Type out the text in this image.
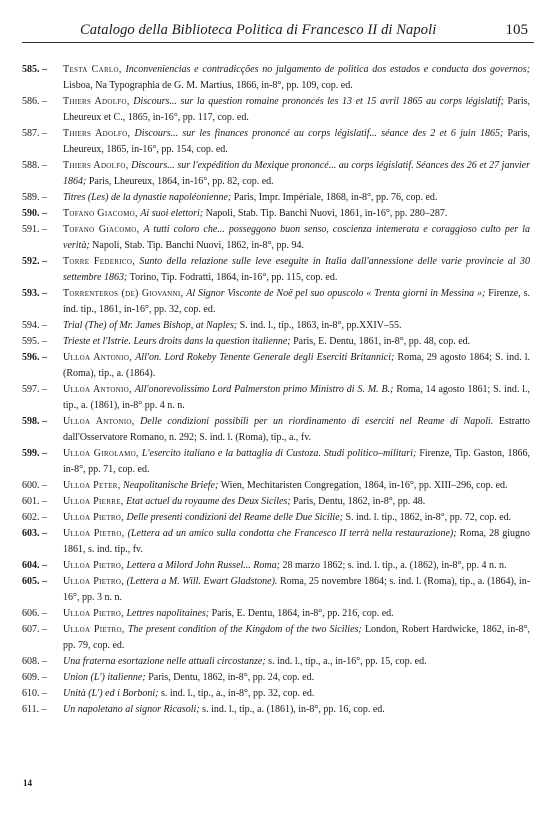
Catalogo della Biblioteca Politica di Francesco II di Napoli	105
585. –	Testa Carlo, Inconveniencias e contradicções no julgamento de politica dos estados e conducta dos governos; Lisboa, Na Typographia de G. M. Martius, 1866, in-8°, pp. 109, cop. ed.
586. –	Thiers Adolfo, Discours... sur la question romaine prononcés les 13 et 15 avril 1865 au corps législatif; Paris, Lheureux et C., 1865, in-16°, pp. 117, cop. ed.
587. –	Thiers Adolfo, Discours... sur les finances prononcé au corps législatif... séance des 2 et 6 juin 1865; Paris, Lheureux, 1865, in-16°, pp. 154, cop. ed.
588. –	Thiers Adolfo, Discours... sur l'expédition du Mexique prononcé... au corps législatif. Séances des 26 et 27 janvier 1864; Paris, Lheureux, 1864, in-16°, pp. 82, cop. ed.
589. –	Titres (Les) de la dynastie napoléonienne; Paris, Impr. Impériale, 1868, in-8°, pp. 76, cop. ed.
590. –	Tofano Giacomo, Ai suoi elettori; Napoli, Stab. Tip. Banchi Nuovi, 1861, in-16°, pp. 280–287.
591. –	Tofano Giacomo, A tutti coloro che... posseggono buon senso, coscienza intemerata e coraggioso culto per la verità; Napoli, Stab. Tip. Banchi Nuovi, 1862, in-8°, pp. 94.
592. –	Torre Federico, Sunto della relazione sulle leve eseguite in Italia dall'annessione delle varie provincie al 30 settembre 1863; Torino, Tip. Fodratti, 1864, in-16°, pp. 115, cop. ed.
593. –	Torrenteros (de) Giovanni, Al Signor Visconte de Noë pel suo opuscolo « Trenta giorni in Messina »; Firenze, s. ind. tip., 1861, in-16°, pp. 32, cop. ed.
594. –	Trial (The) of Mr. James Bishop, at Naples; S. ind. l., tip., 1863, in-8°, pp.XXIV–55.
595. –	Trieste et l'Istrie. Leurs droits dans la question italienne; Paris, E. Dentu, 1861, in-8°, pp. 48, cop. ed.
596. –	Ulloa Antonio, All'on. Lord Rokeby Tenente Generale degli Eserciti Britannici; Roma, 29 agosto 1864; S. ind. l. (Roma), tip., a. (1864).
597. –	Ulloa Antonio, All'onorevolissimo Lord Palmerston primo Ministro di S. M. B.; Roma, 14 agosto 1861; S. ind. l., tip., a. (1861), in-8° pp. 4 n. n.
598. –	Ulloa Antonio, Delle condizioni possibili per un riordinamento di eserciti nel Reame di Napoli. Estratto dall'Osservatore Romano, n. 292; S. ind. l. (Roma), tip., a., fv.
599. –	Ulloa Girolamo, L'esercito italiano e la battaglia di Custoza. Studi politico–militari; Firenze, Tip. Gaston, 1866, in-8°, pp. 71, cop. ed.
600. –	Ulloa Peter, Neapolitanische Briefe; Wien, Mechitaristen Congregation, 1864, in-16°, pp. XIII–296, cop. ed.
601. –	Ulloa Pierre, Etat actuel du royaume des Deux Siciles; Paris, Dentu, 1862, in-8°, pp. 48.
602. –	Ulloa Pietro, Delle presenti condizioni del Reame delle Due Sicilie; S. ind. l. tip., 1862, in-8°, pp. 72, cop. ed.
603. –	Ulloa Pietro, (Lettera ad un amico sulla condotta che Francesco II terrà nella restaurazione); Roma, 28 giugno 1861, s. ind. tip., fv.
604. –	Ulloa Pietro, Lettera a Milord John Russel... Roma; 28 marzo 1862; s. ind. l. tip., a. (1862), in-8°, pp. 4 n. n.
605. –	Ulloa Pietro, (Lettera a M. Will. Ewart Gladstone). Roma, 25 novembre 1864; s. ind. l. (Roma), tip., a. (1864), in-16°, pp. 3 n. n.
606. –	Ulloa Pietro, Lettres napolitaines; Paris, E. Dentu, 1864, in-8°, pp. 216, cop. ed.
607. –	Ulloa Pietro, The present condition of the Kingdom of the two Sicilies; London, Robert Hardwicke, 1862, in-8°, pp. 79, cop. ed.
608. –	Una fraterna esortazione nelle attuali circostanze; s. ind. l., tip., a., in-16°, pp. 15, cop. ed.
609. –	Union (L') italienne; Paris, Dentu, 1862, in-8°, pp. 24, cop. ed.
610. –	Unità (L') ed i Borboni; s. ind. l., tip., a., in-8°, pp. 32, cop. ed.
611. –	Un napoletano al signor Ricasoli; s. ind. l., tip., a. (1861), in-8°, pp. 16, cop. ed.
14
